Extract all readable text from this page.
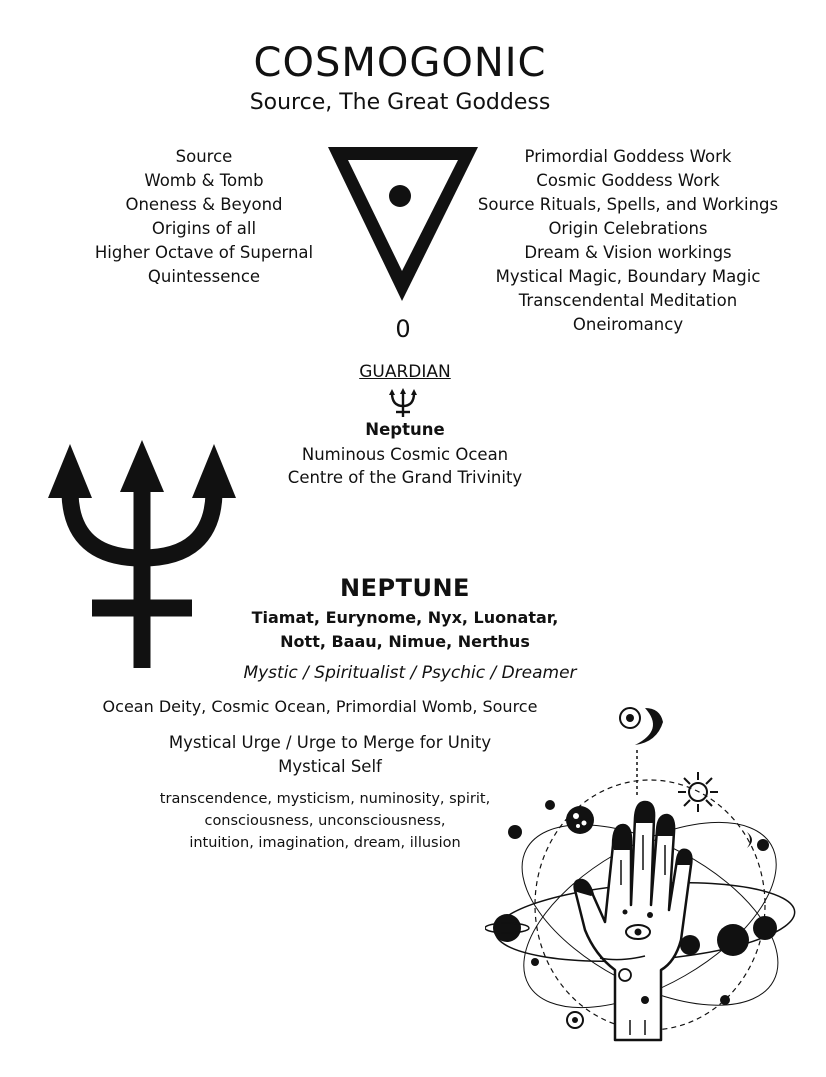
COSMOGONIC
Source, The Great Goddess
Source
Womb & Tomb
Oneness & Beyond
Origins of all
Higher Octave of Supernal
Quintessence
Primordial Goddess Work
Cosmic Goddess Work
Source Rituals, Spells, and Workings
Origin Celebrations
Dream & Vision workings
Mystical Magic, Boundary Magic
Transcendental Meditation
Oneiromancy
0
GUARDIAN
Neptune
Numinous Cosmic Ocean
Centre of the Grand Trivinity
NEPTUNE
Tiamat, Eurynome, Nyx, Luonatar,
Nott, Baau, Nimue, Nerthus
Mystic / Spiritualist / Psychic / Dreamer
Ocean Deity, Cosmic Ocean, Primordial Womb, Source
Mystical Urge / Urge to Merge for Unity
Mystical Self
transcendence, mysticism, numinosity, spirit,
consciousness, unconsciousness,
intuition, imagination, dream, illusion
